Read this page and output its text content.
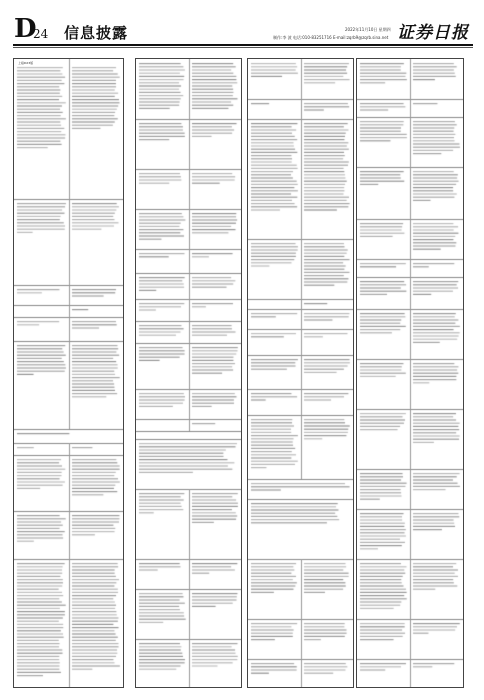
D
24 信息披露	2022年11月10日 星期四
制作:李 波 电话:010-83251716 E-mail:zqrb9@zqrb.sina.net 证券日报
